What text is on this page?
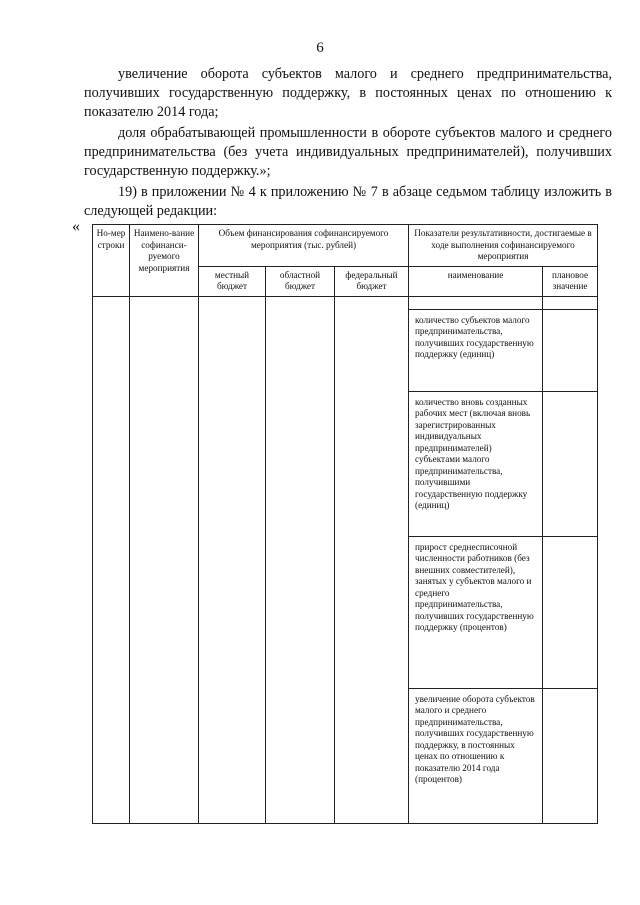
6
увеличение оборота субъектов малого и среднего предпринимательства, получивших государственную поддержку, в постоянных ценах по отношению к показателю 2014 года;
доля обрабатывающей промышленности в обороте субъектов малого и среднего предпринимательства (без учета индивидуальных предпринимателей), получивших государственную поддержку.»;
19) в приложении № 4 к приложению № 7 в абзаце седьмом таблицу изложить в следующей редакции:
« Но-мер строки	Наимено-вание софинанси-руемого мероприятия	Объем финансирования софинансируемого мероприятия (тыс. рублей)			Показатели результативности, достигаемые в ходе выполнения софинансируемого мероприятия	
		местный бюджет	областной бюджет	федеральный бюджет	наименование	плановое значение

					количество субъектов малого предпринимательства, получивших государственную поддержку (единиц)	
					количество вновь созданных рабочих мест (включая вновь зарегистрированных индивидуальных предпринимателей) субъектами малого предпринимательства, получившими государственную поддержку (единиц)	
					прирост среднесписочной численности работников (без внешних совместителей), занятых у субъектов малого и среднего предпринимательства, получивших государственную поддержку (процентов)	
					увеличение оборота субъектов малого и среднего предпринимательства, получивших государственную поддержку, в постоянных ценах по отношению к показателю 2014 года (процентов)	
